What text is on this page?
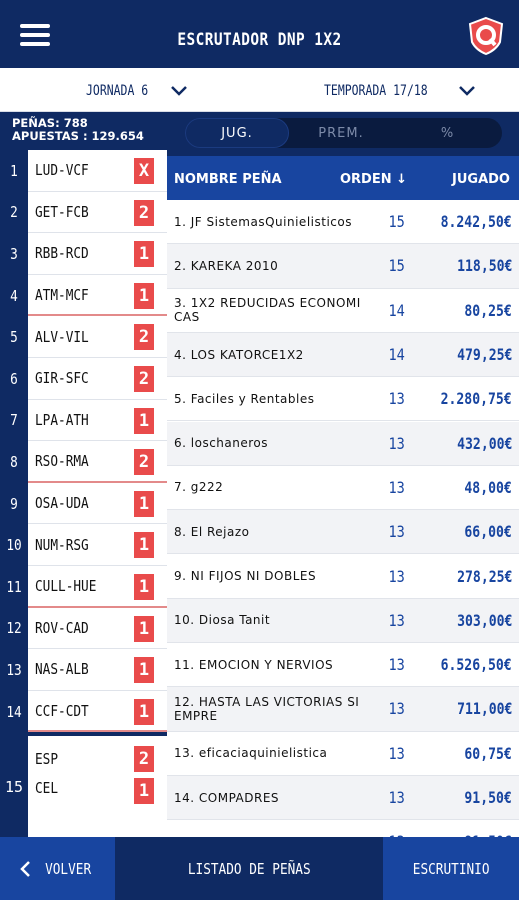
ESCRUTADOR DNP 1X2
JORNADA 6	TEMPORADA 17/18
PEÑAS: 788
APUESTAS : 129.654
1	LUD-VCF	X
2	GET-FCB	2
3	RBB-RCD	1
4	ATM-MCF	1
5	ALV-VIL	2
6	GIR-SFC	2
7	LPA-ATH	1
8	RSO-RMA	2
9	OSA-UDA	1
10 NUM-RSG	1
11 CULL-HUE 1
12 ROV-CAD	1
13 NAS-ALB	1
14 CCF-CDT	1
15
ESP	2
CEL	1
JUG.	PREM.	%
NOMBRE PEÑA	ORDEN ↓	JUGADO
1. JF SistemasQuinielisticos	15 8.242,50€
2. KAREKA 2010	15	118,50€
3. 1X2 REDUCIDAS ECONOMI CAS	14	80,25€
4. LOS KATORCE1X2	14	479,25€
5. Faciles y Rentables	13 2.280,75€
6. loschaneros	13	432,00€
7. g222	13	48,00€
8. El Rejazo	13	66,00€
9. NI FIJOS NI DOBLES	13	278,25€
10. Diosa Tanit	13	303,00€
11. EMOCION Y NERVIOS	13 6.526,50€
12. HASTA LAS VICTORIAS SI EMPRE	13	711,00€
13. eficaciaquinielistica	13	60,75€
14. COMPADRES	13	91,50€
VOLVER	LISTADO DE PEÑAS	ESCRUTINIO
